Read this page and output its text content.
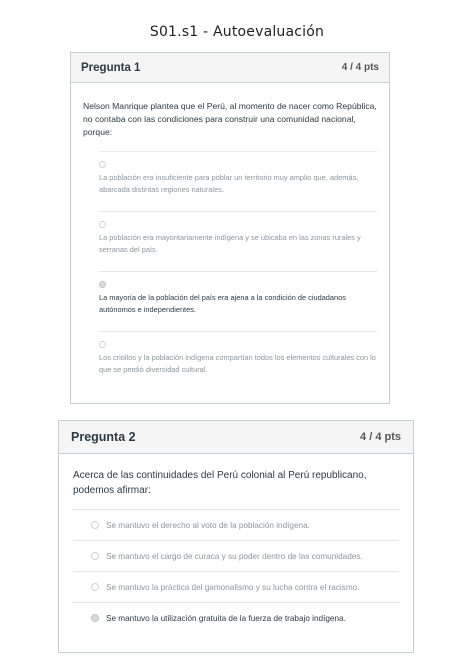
S01.s1 - Autoevaluación
Pregunta 1	4 / 4 pts
Nelson Manrique plantea que el Perú, al momento de nacer como República, no contaba con las condiciones para construir una comunidad nacional, porque:
La población era insuficiente para poblar un territorio muy amplio que, además, abarcada distintas regiones naturales.
La población era mayoritariamente indígena y se ubicaba en las zonas rurales y serranas del país.
La mayoría de la población del país era ajena a la condición de ciudadanos autónomos e independientes.
Los criollos y la población indígena compartían todos los elementos culturales con lo que se perdió diversidad cultural.
Pregunta 2	4 / 4 pts
Acerca de las continuidades del Perú colonial al Perú republicano, podemos afirmar:
Se mantuvo el derecho al voto de la población indígena.
Se mantuvo el cargo de curaca y su poder dentro de las comunidades.
Se mantuvo la práctica del gamonalismo y su lucha contra el racismo.
Se mantuvo la utilización gratuita de la fuerza de trabajo indígena.
